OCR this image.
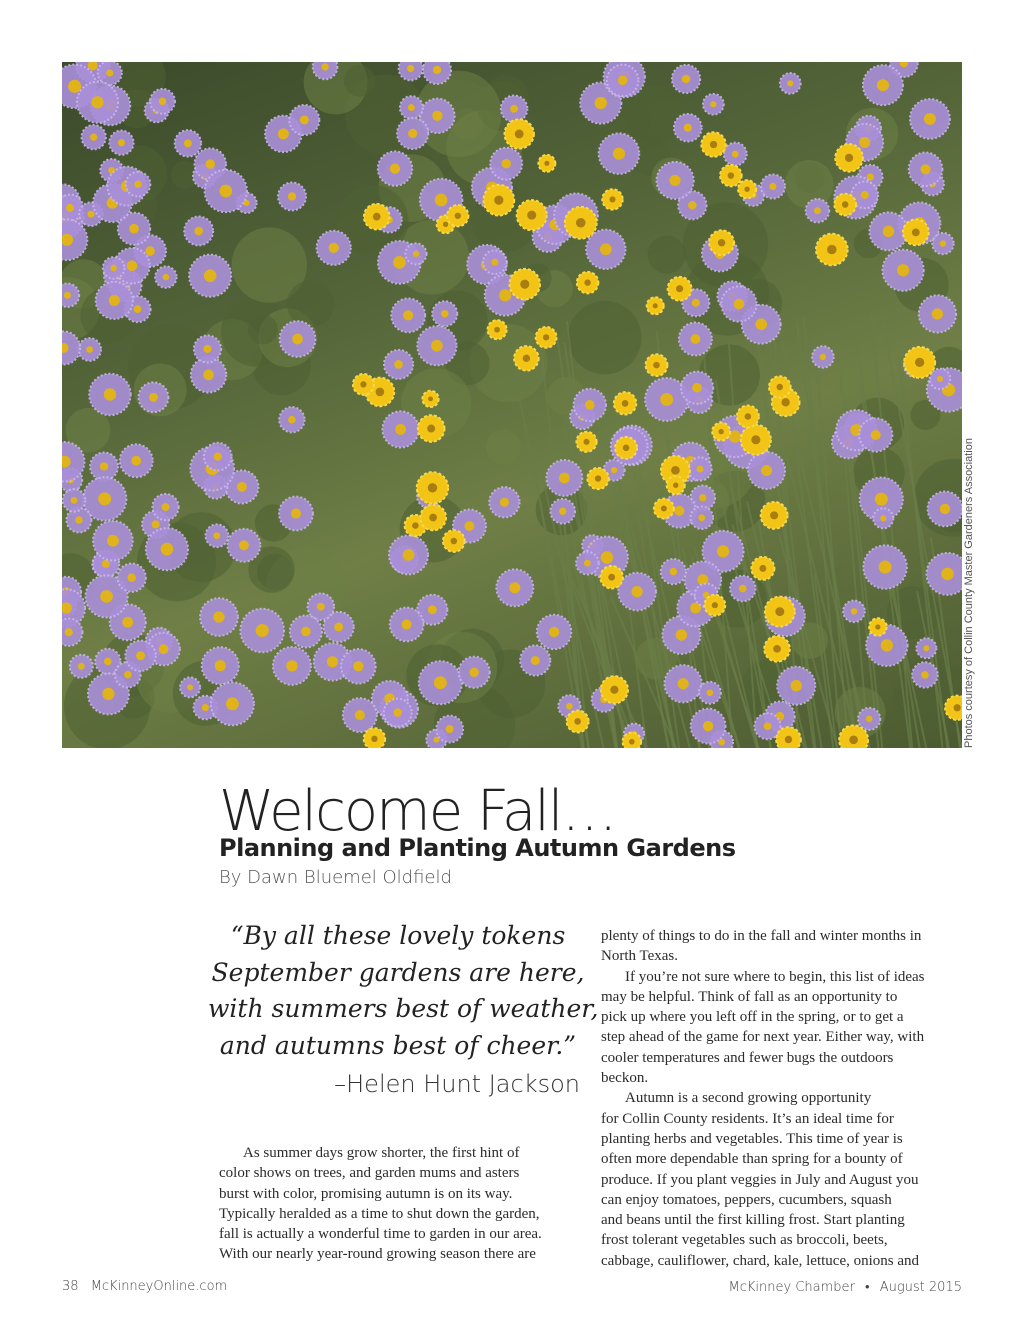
Photos courtesy of Collin County Master Gardeners Association
Welcome Fall…
Planning and Planting Autumn Gardens

By Dawn Bluemel Oldfield

“By all these lovely tokens
September gardens are here,
with summers best of weather,
and autumns best of cheer.”

–Helen Hunt Jackson

As summer days grow shorter, the first hint of
color shows on trees, and garden mums and asters
burst with color, promising autumn is on its way.
Typically heralded as a time to shut down the garden,
fall is actually a wonderful time to garden in our area.
With our nearly year-round growing season there are

plenty of things to do in the fall and winter months in
North Texas.

If you’re not sure where to begin, this list of ideas
may be helpful. Think of fall as an opportunity to
pick up where you left off in the spring, or to get a
step ahead of the game for next year. Either way, with
cooler temperatures and fewer bugs the outdoors
beckon.

Autumn is a second growing opportunity
for Collin County residents. It’s an ideal time for
planting herbs and vegetables. This time of year is
often more dependable than spring for a bounty of
produce. If you plant veggies in July and August you
can enjoy tomatoes, peppers, cucumbers, squash
and beans until the first killing frost. Start planting
frost tolerant vegetables such as broccoli, beets,
cabbage, cauliflower, chard, kale, lettuce, onions and

38 McKinneyOnline.com	McKinney Chamber • August 2015
